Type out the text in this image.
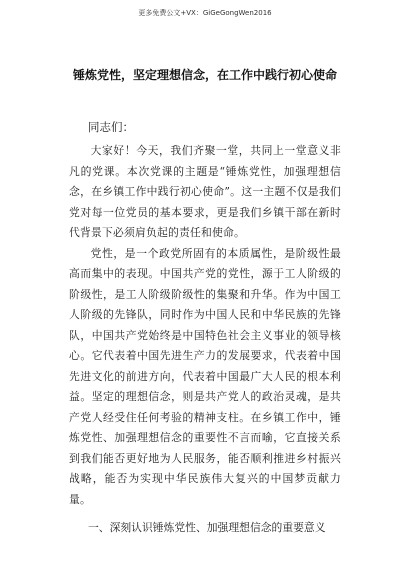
更多免费公文+VX：GiGeGongWen2016
锤炼党性，坚定理想信念，在工作中践行初心使命
同志们：

大家好！今天，我们齐聚一堂，共同上一堂意义非凡的党课。本次党课的主题是“锤炼党性，加强理想信念，在乡镇工作中践行初心使命”。这一主题不仅是我们党对每一位党员的基本要求，更是我们乡镇干部在新时代背景下必须肩负起的责任和使命。

党性，是一个政党所固有的本质属性，是阶级性最高而集中的表现。中国共产党的党性，源于工人阶级的阶级性，是工人阶级阶级性的集聚和升华。作为中国工人阶级的先锋队，同时作为中国人民和中华民族的先锋队，中国共产党始终是中国特色社会主义事业的领导核心。它代表着中国先进生产力的发展要求，代表着中国先进文化的前进方向，代表着中国最广大人民的根本利益。坚定的理想信念，则是共产党人的政治灵魂，是共产党人经受住任何考验的精神支柱。在乡镇工作中，锤炼党性、加强理想信念的重要性不言而喻，它直接关系到我们能否更好地为人民服务，能否顺利推进乡村振兴战略，能否为实现中华民族伟大复兴的中国梦贡献力量。

一、深刻认识锤炼党性、加强理想信念的重要意义
